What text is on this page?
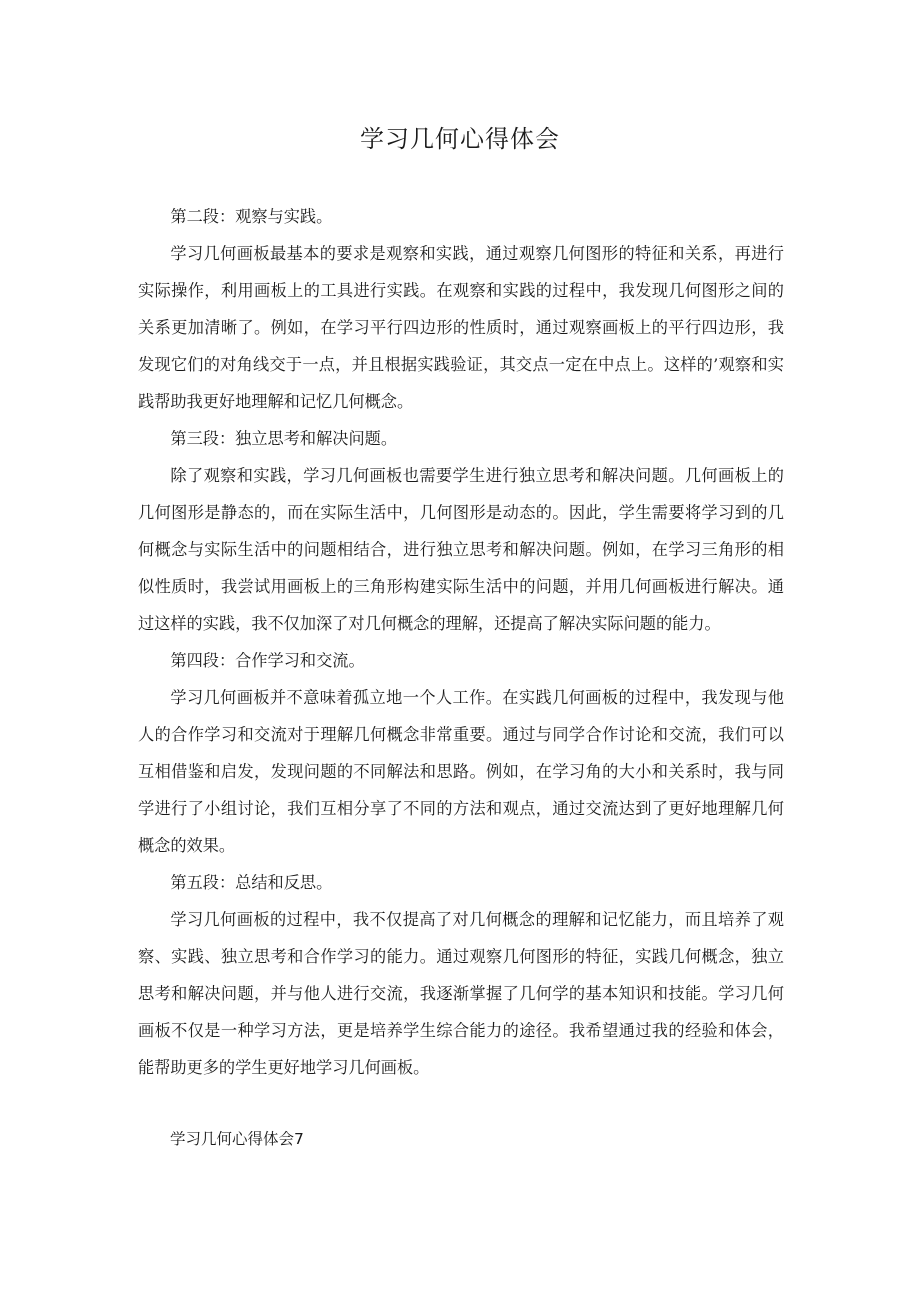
学习几何心得体会

第二段：观察与实践。

学习几何画板最基本的要求是观察和实践，通过观察几何图形的特征和关系，再进行实际操作，利用画板上的工具进行实践。在观察和实践的过程中，我发现几何图形之间的关系更加清晰了。例如，在学习平行四边形的性质时，通过观察画板上的平行四边形，我发现它们的对角线交于一点，并且根据实践验证，其交点一定在中点上。这样的’观察和实践帮助我更好地理解和记忆几何概念。

第三段：独立思考和解决问题。

除了观察和实践，学习几何画板也需要学生进行独立思考和解决问题。几何画板上的几何图形是静态的，而在实际生活中，几何图形是动态的。因此，学生需要将学习到的几何概念与实际生活中的问题相结合，进行独立思考和解决问题。例如，在学习三角形的相似性质时，我尝试用画板上的三角形构建实际生活中的问题，并用几何画板进行解决。通过这样的实践，我不仅加深了对几何概念的理解，还提高了解决实际问题的能力。

第四段：合作学习和交流。

学习几何画板并不意味着孤立地一个人工作。在实践几何画板的过程中，我发现与他人的合作学习和交流对于理解几何概念非常重要。通过与同学合作讨论和交流，我们可以互相借鉴和启发，发现问题的不同解法和思路。例如，在学习角的大小和关系时，我与同学进行了小组讨论，我们互相分享了不同的方法和观点，通过交流达到了更好地理解几何概念的效果。

第五段：总结和反思。

学习几何画板的过程中，我不仅提高了对几何概念的理解和记忆能力，而且培养了观察、实践、独立思考和合作学习的能力。通过观察几何图形的特征，实践几何概念，独立思考和解决问题，并与他人进行交流，我逐渐掌握了几何学的基本知识和技能。学习几何画板不仅是一种学习方法，更是培养学生综合能力的途径。我希望通过我的经验和体会，能帮助更多的学生更好地学习几何画板。

学习几何心得体会7
